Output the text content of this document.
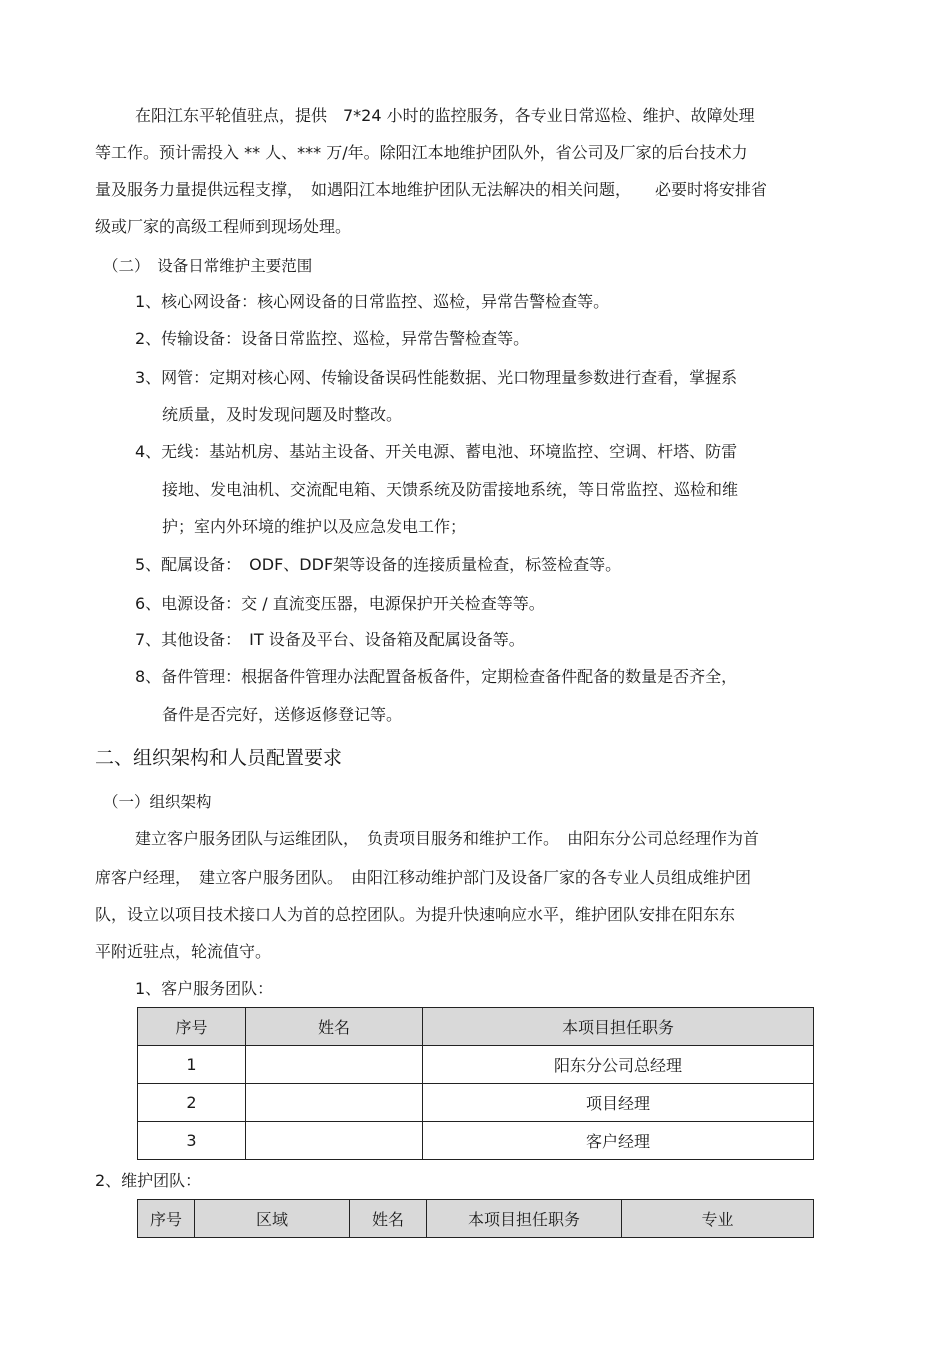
在阳江东平轮值驻点，提供　7*24 小时的监控服务，各专业日常巡检、维护、故障处理
等工作。预计需投入 ** 人、*** 万/年。除阳江本地维护团队外，省公司及厂家的后台技术力
量及服务力量提供远程支撑，　如遇阳江本地维护团队无法解决的相关问题，　　必要时将安排省
级或厂家的高级工程师到现场处理。
（二）　设备日常维护主要范围
1、核心网设备：核心网设备的日常监控、巡检，异常告警检查等。
2、传输设备：设备日常监控、巡检，异常告警检查等。
3、网管：定期对核心网、传输设备误码性能数据、光口物理量参数进行查看，掌握系
统质量，及时发现问题及时整改。
4、无线：基站机房、基站主设备、开关电源、蓄电池、环境监控、空调、杆塔、防雷
接地、发电油机、交流配电箱、天馈系统及防雷接地系统，等日常监控、巡检和维
护；室内外环境的维护以及应急发电工作；
5、配属设备：　ODF、DDF架等设备的连接质量检查，标签检查等。
6、电源设备：交 / 直流变压器，电源保护开关检查等等。
7、其他设备：　IT 设备及平台、设备箱及配属设备等。
8、备件管理：根据备件管理办法配置备板备件，定期检查备件配备的数量是否齐全，
备件是否完好，送修返修登记等。
二、组织架构和人员配置要求
（一）组织架构
建立客户服务团队与运维团队，　负责项目服务和维护工作。　由阳东分公司总经理作为首
席客户经理，　建立客户服务团队。　由阳江移动维护部门及设备厂家的各专业人员组成维护团
队，设立以项目技术接口人为首的总控团队。为提升快速响应水平，维护团队安排在阳东东
平附近驻点，轮流值守。
1、客户服务团队：
序号	姓名	本项目担任职务
1		阳东分公司总经理
2		项目经理
3		客户经理
2、维护团队：
序号	区域	姓名	本项目担任职务	专业
